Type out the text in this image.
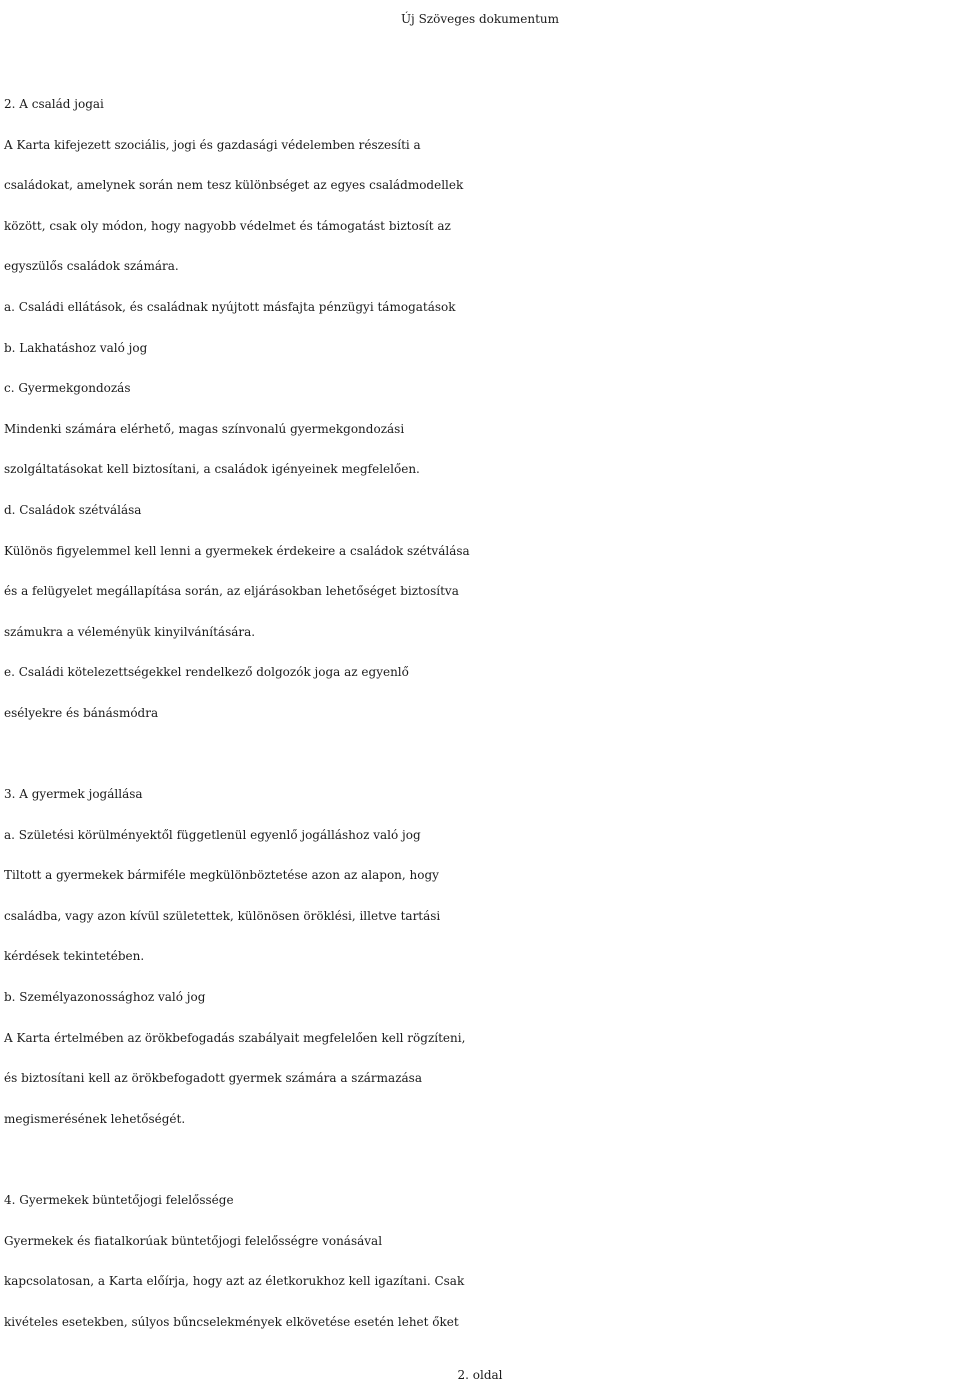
Új Szöveges dokumentum
2. A család jogai
A Karta kifejezett szociális, jogi és gazdasági védelemben részesíti a
családokat, amelynek során nem tesz különbséget az egyes családmodellek
között, csak oly módon, hogy nagyobb védelmet és támogatást biztosít az
egyszülős családok számára.
a. Családi ellátások, és családnak nyújtott másfajta pénzügyi támogatások
b. Lakhatáshoz való jog
c. Gyermekgondozás
Mindenki számára elérhető, magas színvonalú gyermekgondozási
szolgáltatásokat kell biztosítani, a családok igényeinek megfelelően.
d. Családok szétválása
Különös figyelemmel kell lenni a gyermekek érdekeire a családok szétválása
és a felügyelet megállapítása során, az eljárásokban lehetőséget biztosítva
számukra a véleményük kinyilvánítására.
e. Családi kötelezettségekkel rendelkező dolgozók joga az egyenlő
esélyekre és bánásmódra
3. A gyermek jogállása
a. Születési körülményektől függetlenül egyenlő jogálláshoz való jog
Tiltott a gyermekek bármiféle megkülönböztetése azon az alapon, hogy
családba, vagy azon kívül születettek, különösen öröklési, illetve tartási
kérdések tekintetében.
b. Személyazonossághoz való jog
A Karta értelmében az örökbefogadás szabályait megfelelően kell rögzíteni,
és biztosítani kell az örökbefogadott gyermek számára a származása
megismerésének lehetőségét.
4. Gyermekek büntetőjogi felelőssége
Gyermekek és fiatalkorúak büntetőjogi felelősségre vonásával
kapcsolatosan, a Karta előírja, hogy azt az életkorukhoz kell igazítani. Csak
kivételes esetekben, súlyos bűncselekmények elkövetése esetén lehet őket
2. oldal
